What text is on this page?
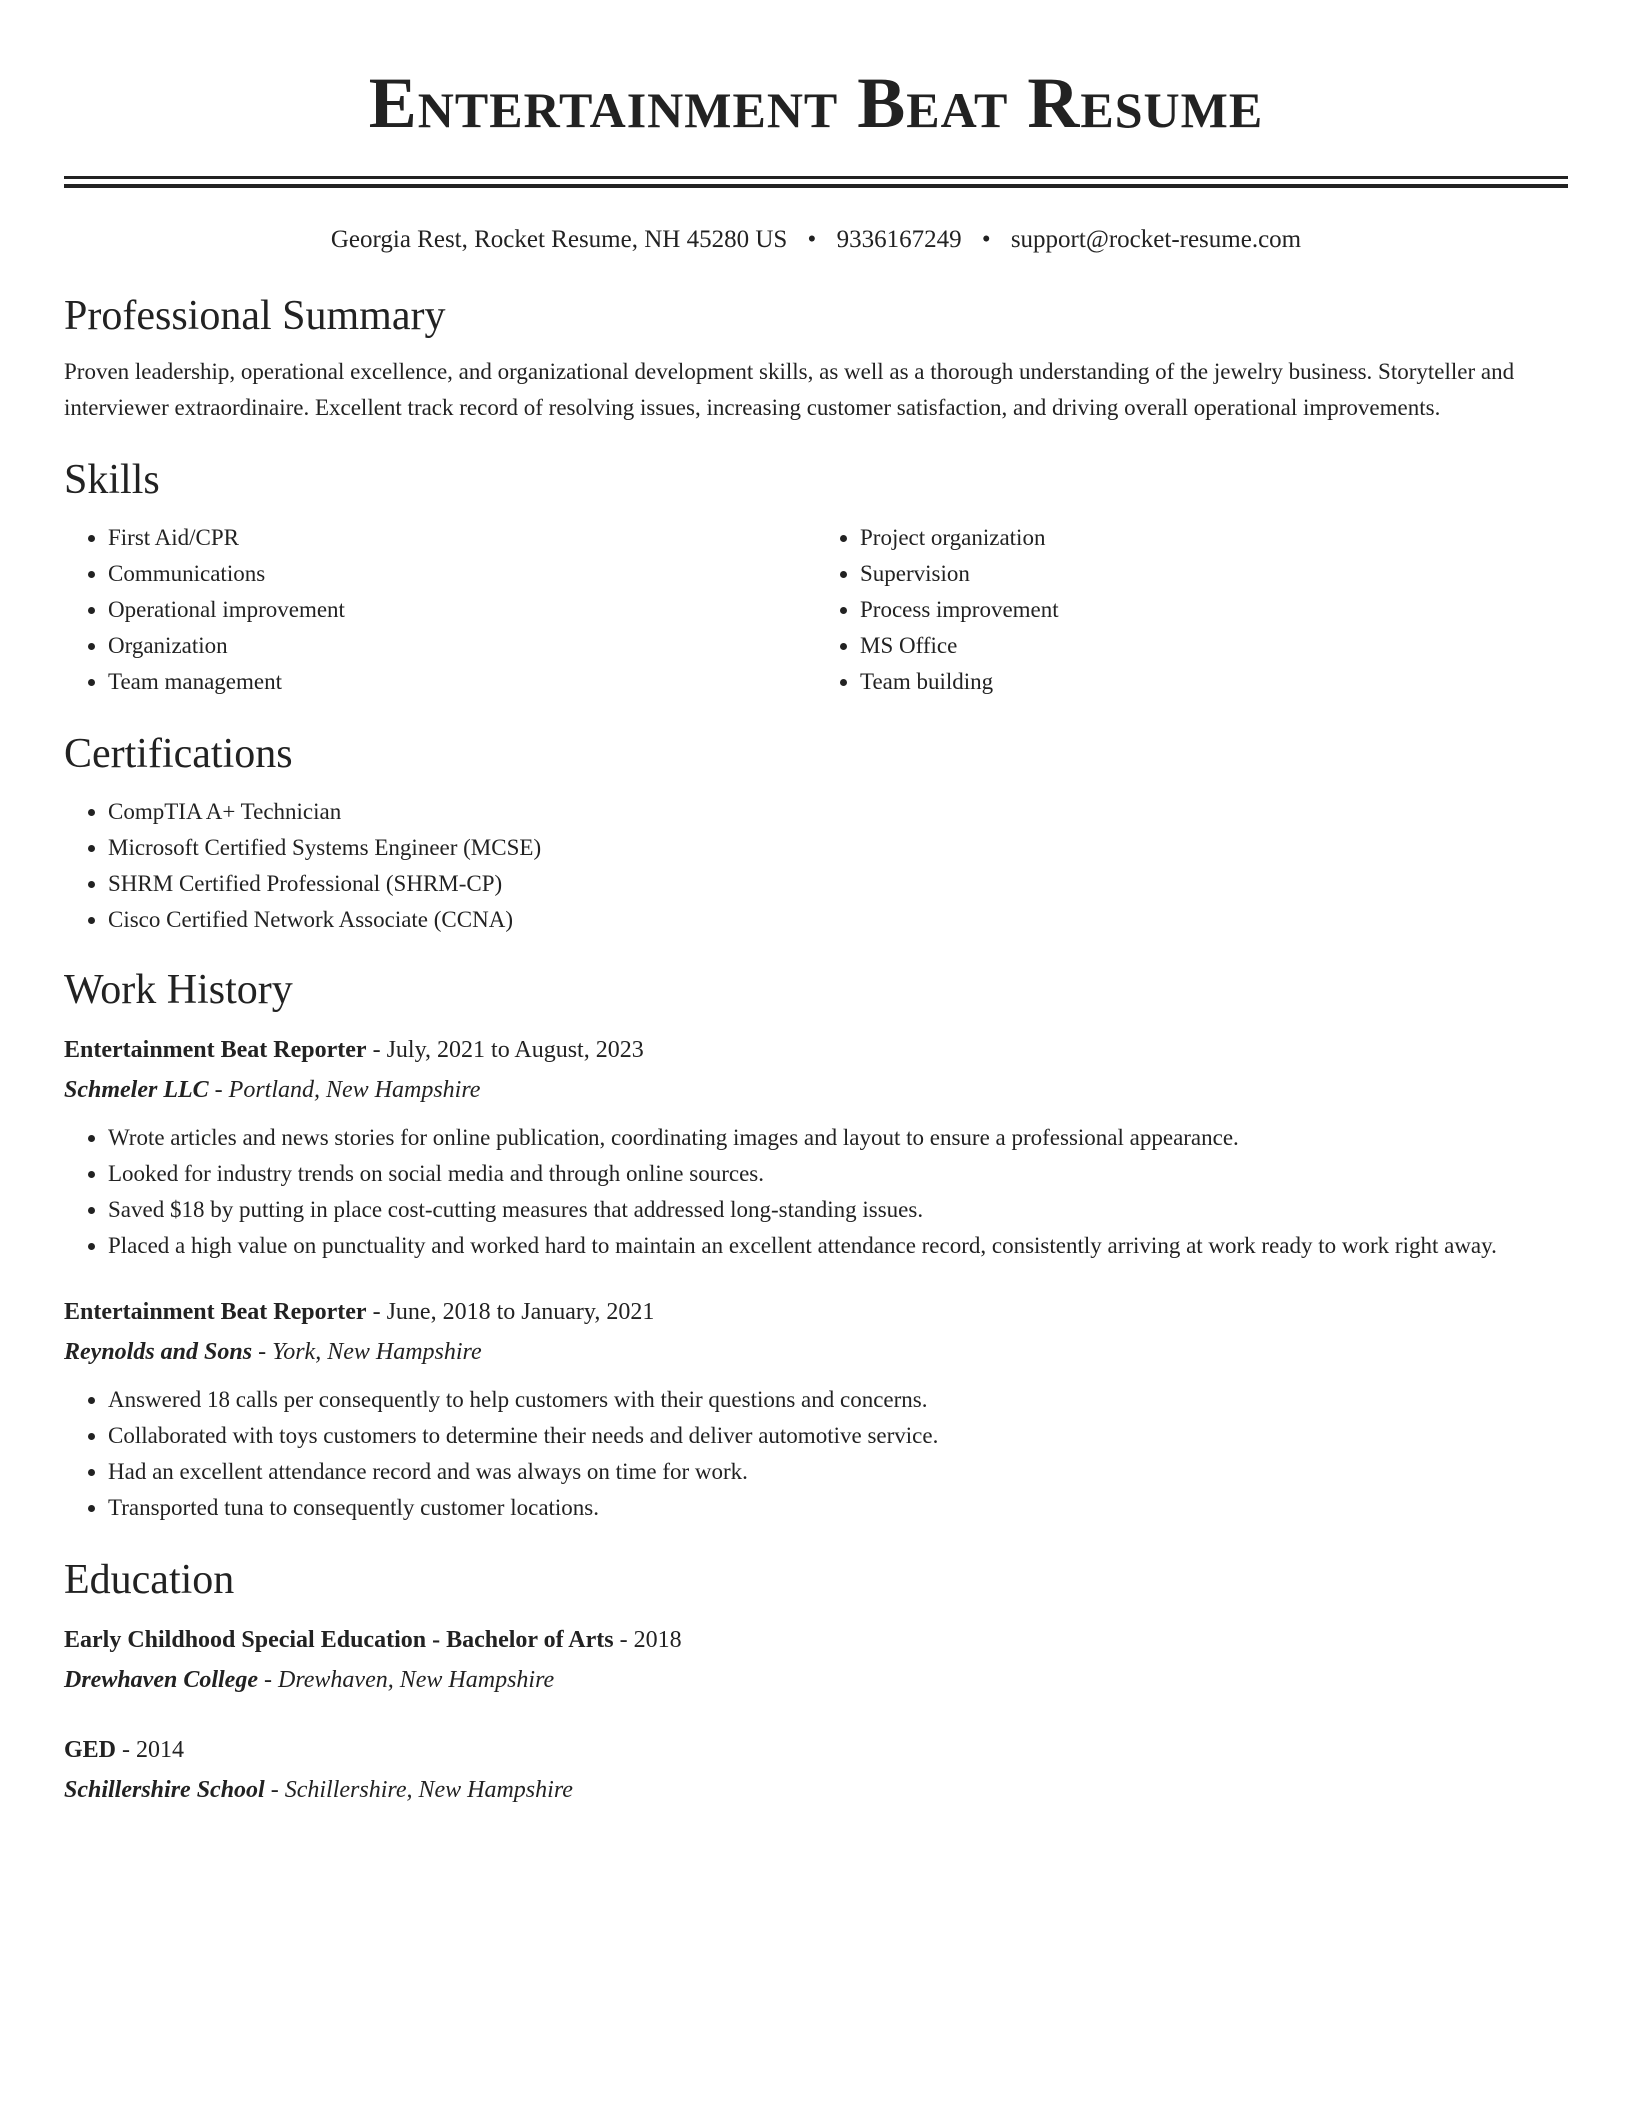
Entertainment Beat Resume
Georgia Rest, Rocket Resume, NH 45280 US • 9336167249 • support@rocket-resume.com
Professional Summary

Proven leadership, operational excellence, and organizational development skills, as well as a thorough understanding of the jewelry business. Storyteller and interviewer extraordinaire. Excellent track record of resolving issues, increasing customer satisfaction, and driving overall operational improvements.

Skills
• First Aid/CPR
• Communications
• Operational improvement
• Organization
• Team management
• Project organization
• Supervision
• Process improvement
• MS Office
• Team building
Certifications
• CompTIA A+ Technician
• Microsoft Certified Systems Engineer (MCSE)
• SHRM Certified Professional (SHRM-CP)
• Cisco Certified Network Associate (CCNA)
Work History
Entertainment Beat Reporter - July, 2021 to August, 2023
Schmeler LLC - Portland, New Hampshire
• Wrote articles and news stories for online publication, coordinating images and layout to ensure a professional appearance.
• Looked for industry trends on social media and through online sources.
• Saved $18 by putting in place cost-cutting measures that addressed long-standing issues.
• Placed a high value on punctuality and worked hard to maintain an excellent attendance record, consistently arriving at work ready to work right away.
Entertainment Beat Reporter - June, 2018 to January, 2021
Reynolds and Sons - York, New Hampshire
• Answered 18 calls per consequently to help customers with their questions and concerns.
• Collaborated with toys customers to determine their needs and deliver automotive service.
• Had an excellent attendance record and was always on time for work.
• Transported tuna to consequently customer locations.
Education
Early Childhood Special Education - Bachelor of Arts - 2018
Drewhaven College - Drewhaven, New Hampshire
GED - 2014
Schillershire School - Schillershire, New Hampshire
